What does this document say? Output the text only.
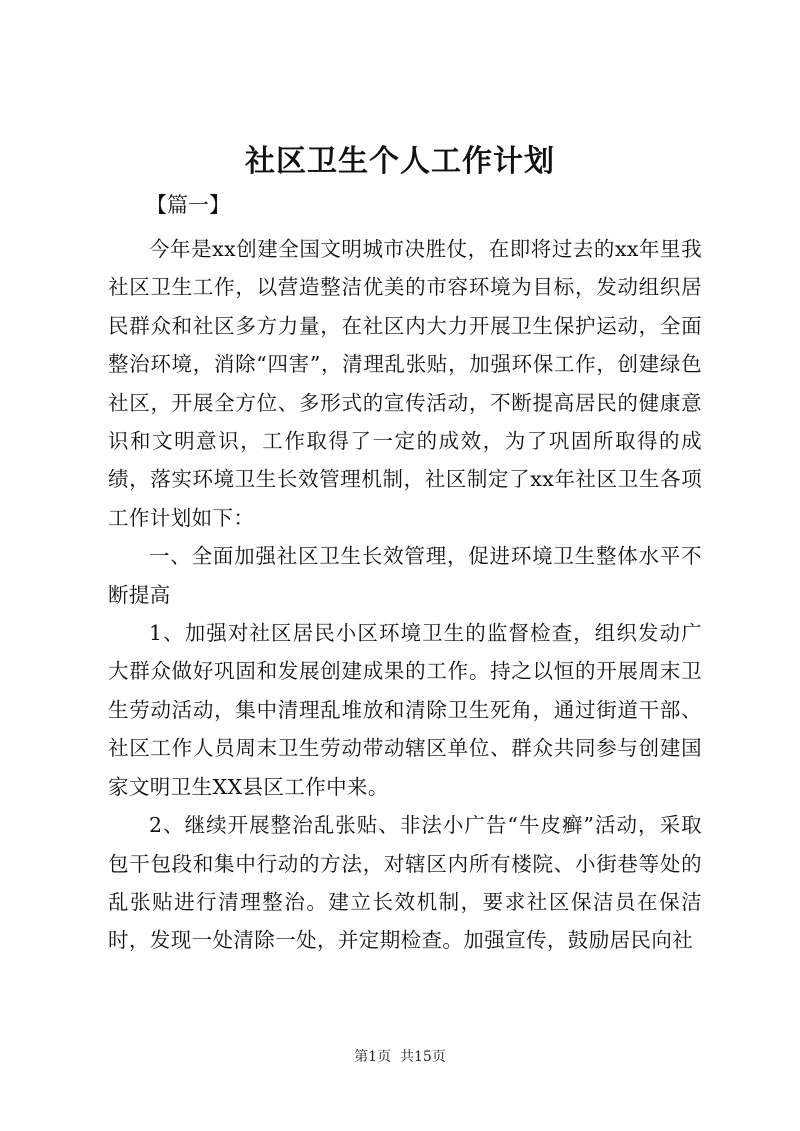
社区卫生个人工作计划
【篇一】

今年是xx创建全国文明城市决胜仗，在即将过去的xx年里我社区卫生工作，以营造整洁优美的市容环境为目标，发动组织居民群众和社区多方力量，在社区内大力开展卫生保护运动，全面整治环境，消除“四害”，清理乱张贴，加强环保工作，创建绿色社区，开展全方位、多形式的宣传活动，不断提高居民的健康意识和文明意识，工作取得了一定的成效，为了巩固所取得的成绩，落实环境卫生长效管理机制，社区制定了xx年社区卫生各项工作计划如下：

一、全面加强社区卫生长效管理，促进环境卫生整体水平不断提高

1、加强对社区居民小区环境卫生的监督检查，组织发动广大群众做好巩固和发展创建成果的工作。持之以恒的开展周末卫生劳动活动，集中清理乱堆放和清除卫生死角，通过街道干部、社区工作人员周末卫生劳动带动辖区单位、群众共同参与创建国家文明卫生XX县区工作中来。

2、继续开展整治乱张贴、非法小广告“牛皮癣”活动，采取包干包段和集中行动的方法，对辖区内所有楼院、小街巷等处的乱张贴进行清理整治。建立长效机制，要求社区保洁员在保洁时，发现一处清除一处，并定期检查。加强宣传，鼓励居民向社

第1页  共15页
